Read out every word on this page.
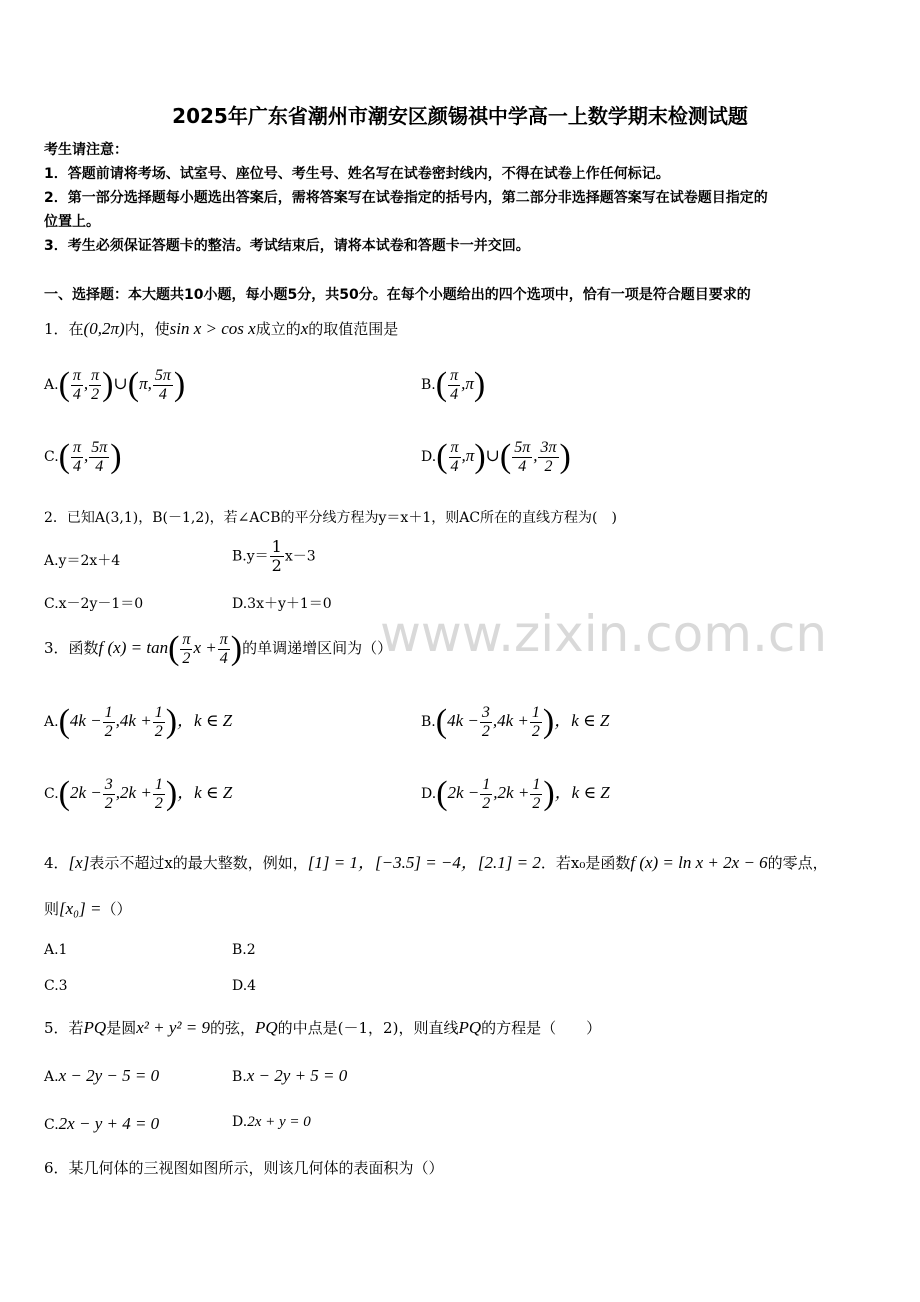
www.zixin.com.cn
2025年广东省潮州市潮安区颜锡祺中学高一上数学期末检测试题
考生请注意：
1．答题前请将考场、试室号、座位号、考生号、姓名写在试卷密封线内，不得在试卷上作任何标记。
2．第一部分选择题每小题选出答案后，需将答案写在试卷指定的括号内，第二部分非选择题答案写在试卷题目指定的
位置上。
3．考生必须保证答题卡的整洁。考试结束后，请将本试卷和答题卡一并交回。
一、选择题：本大题共10小题，每小题5分，共50分。在每个小题给出的四个选项中，恰有一项是符合题目要求的
1．在(0,2π)内，使sin x > cos x成立的x的取值范围是
$A.( \frac{\pi}{4}$ , $\frac{\pi}{2}$ )∪(π, $\frac{5\pi}{4}$ )	$B.( \frac{\pi}{4} ,\pi)$
$C.( \frac{\pi}{4}$ , $\frac{5\pi}{4}$ )	$D.( \frac{\pi}{4}$ ,π)∪( $\frac{5\pi}{4}$ , $\frac{3\pi}{2}$ )
2．已知A(3,1)，B(－1,2)，若∠ACB的平分线方程为y＝x＋1，则AC所在的直线方程为(　)
A.y＝2x＋4	$B.y= \frac{1}{2} x-3$
C.x－2y－1＝0	D.3x＋y＋1＝0
3．函数f $(x) = \tan( \frac{\pi}{2}$ $x + \frac{\pi}{4}$ )的单调递增区间为（）
$A.(4k - \frac{1}{2} ,4k + \frac{1}{2}$ )，k ∈ Z	$B.(4k - \frac{3}{2} ,4k + \frac{1}{2}$ )，k ∈ Z
$C.(2k - \frac{3}{2} ,2k + \frac{1}{2}$ )，k ∈ Z	$D.(2k - \frac{1}{2} ,2k + \frac{1}{2}$ )，k ∈ Z
4．[x]表示不超过x的最大整数，例如，[1] = 1，[−3.5] = −4，[2.1] = 2．若x₀是函数f (x) = ln x + 2x − 6的零点，
则[x₀] =（）
A.1	B.2
C.3	D.4
5．若PQ是圆x² + y² = 9的弦，PQ的中点是(－1，2)，则直线PQ的方程是（　　）
A.x − 2y − 5 = 0	B.x − 2y + 5 = 0
C.2x − y + 4 = 0	D.2x + y = 0
6．某几何体的三视图如图所示，则该几何体的表面积为（）
